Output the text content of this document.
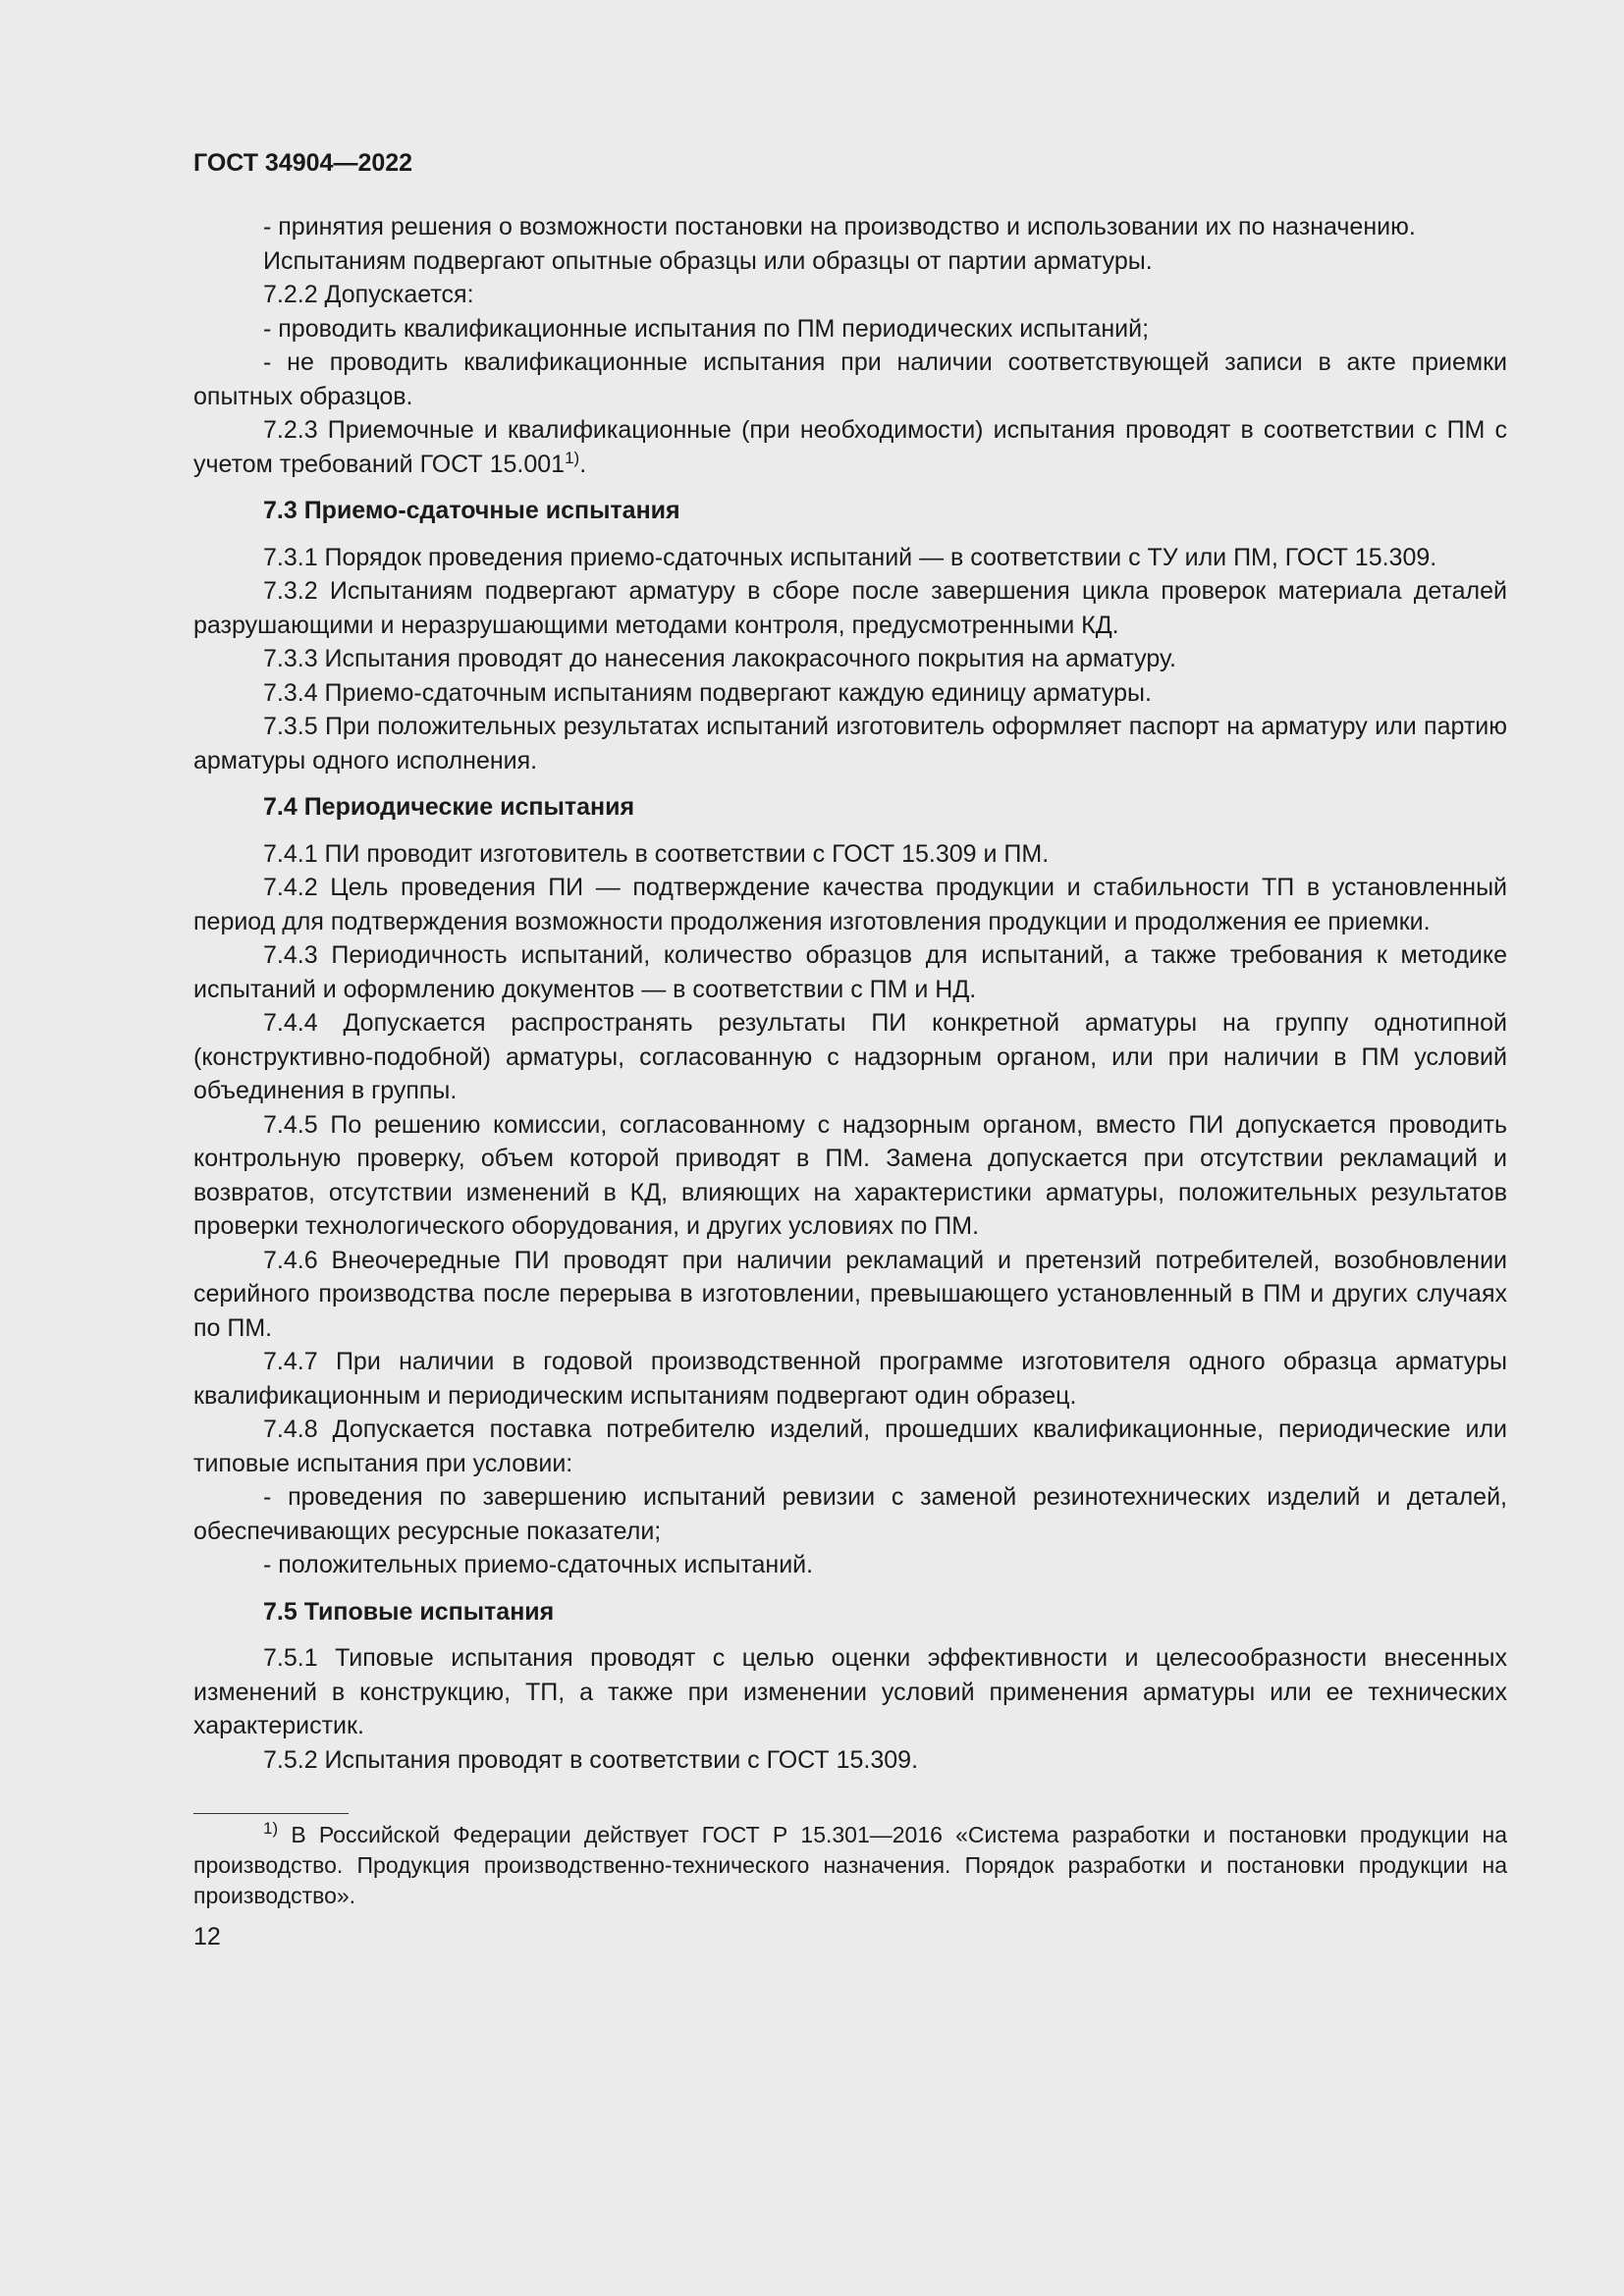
ГОСТ 34904—2022

- принятия решения о возможности постановки на производство и использовании их по назначению.

Испытаниям подвергают опытные образцы или образцы от партии арматуры.

7.2.2 Допускается:

- проводить квалификационные испытания по ПМ периодических испытаний;

- не проводить квалификационные испытания при наличии соответствующей записи в акте приемки опытных образцов.

7.2.3 Приемочные и квалификационные (при необходимости) испытания проводят в соответствии с ПМ с учетом требований ГОСТ 15.001$^{1)}$.

7.3 Приемо-сдаточные испытания

7.3.1 Порядок проведения приемо-сдаточных испытаний — в соответствии с ТУ или ПМ, ГОСТ 15.309.

7.3.2 Испытаниям подвергают арматуру в сборе после завершения цикла проверок материала деталей разрушающими и неразрушающими методами контроля, предусмотренными КД.

7.3.3 Испытания проводят до нанесения лакокрасочного покрытия на арматуру.

7.3.4 Приемо-сдаточным испытаниям подвергают каждую единицу арматуры.

7.3.5 При положительных результатах испытаний изготовитель оформляет паспорт на арматуру или партию арматуры одного исполнения.

7.4 Периодические испытания

7.4.1 ПИ проводит изготовитель в соответствии с ГОСТ 15.309 и ПМ.

7.4.2 Цель проведения ПИ — подтверждение качества продукции и стабильности ТП в установленный период для подтверждения возможности продолжения изготовления продукции и продолжения ее приемки.

7.4.3 Периодичность испытаний, количество образцов для испытаний, а также требования к методике испытаний и оформлению документов — в соответствии с ПМ и НД.

7.4.4 Допускается распространять результаты ПИ конкретной арматуры на группу однотипной (конструктивно-подобной) арматуры, согласованную с надзорным органом, или при наличии в ПМ условий объединения в группы.

7.4.5 По решению комиссии, согласованному с надзорным органом, вместо ПИ допускается проводить контрольную проверку, объем которой приводят в ПМ. Замена допускается при отсутствии рекламаций и возвратов, отсутствии изменений в КД, влияющих на характеристики арматуры, положительных результатов проверки технологического оборудования, и других условиях по ПМ.

7.4.6 Внеочередные ПИ проводят при наличии рекламаций и претензий потребителей, возобновлении серийного производства после перерыва в изготовлении, превышающего установленный в ПМ и других случаях по ПМ.

7.4.7 При наличии в годовой производственной программе изготовителя одного образца арматуры квалификационным и периодическим испытаниям подвергают один образец.

7.4.8 Допускается поставка потребителю изделий, прошедших квалификационные, периодические или типовые испытания при условии:

- проведения по завершению испытаний ревизии с заменой резинотехнических изделий и деталей, обеспечивающих ресурсные показатели;

- положительных приемо-сдаточных испытаний.

7.5 Типовые испытания

7.5.1 Типовые испытания проводят с целью оценки эффективности и целесообразности внесенных изменений в конструкцию, ТП, а также при изменении условий применения арматуры или ее технических характеристик.

7.5.2 Испытания проводят в соответствии с ГОСТ 15.309.

$^{1)}$ В Российской Федерации действует ГОСТ Р 15.301—2016 «Система разработки и постановки продукции на производство. Продукция производственно-технического назначения. Порядок разработки и постановки продукции на производство».

12
